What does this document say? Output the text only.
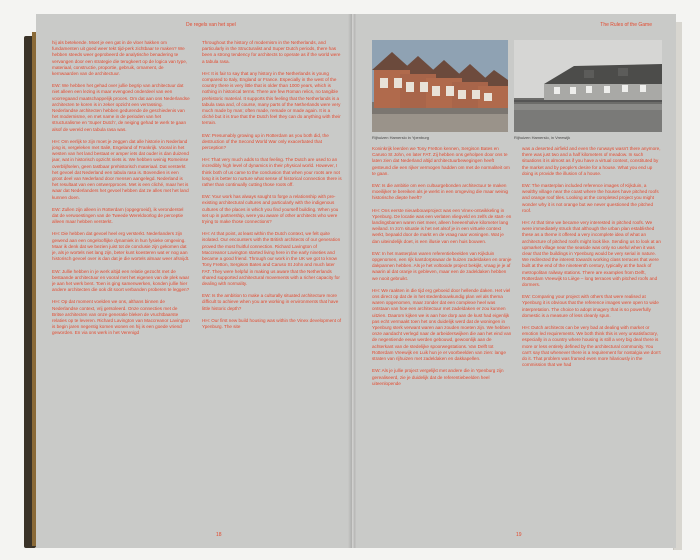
De regels van het spel
hij als betekende. Moet je een gat in de vloer hakken om fundamenten uit goed weer tekt tijd-perk zichtbaar te maken? We hebben steeds weer geprobeerd de analytische benadering te vervangen door een strategie die terugkeert op de logica van type, materiaal, constructie, proportie, gebruik, ornament, de kernwaarden van de architectuur.
EW: We hebben het gehad over jullie begrip van architectuur dat niet alleen een lezing is maar evengoed onderdeel van een voorregaand maatschappelijk proces. Om dat aan ons Nederlandse architecten te koren is in zeker opzicht een verrassing. Nederlandse architecten hebben gedurende de geschiedenis van het modernisme, en met name in de perioden van het structuralisme en 'Super Dutch', de neiging gehad te werk te gaan alsof de wereld een tabula rasa was.
HH: Om eerlijk te zijn moet je zeggen dat alle historie in Nederland jong is, vergeleken met Italië, Engeland of Frankrijk. Vooral in het westen van het land bestaat er amper iets dat ouder is dan duizend jaar, wat in historisch opzicht niets is. We hebben weinig Romeinse overblijfselen, geen tastbaar prehistorisch materiaal. Dat versterkt het gevoel dat Nederland een tabula rasa is. Bovendien is een groot deel van Nederland door mensen aangelegd. Nederland is het resultaat van een ontwerpproces. Met is een cliché, maar het is waar dat Nederlanders het gevoel hebben dat ze alles met het land kunnen doen.
EW: Zullen zijn alleen in Rotterdam (opgegroeid), ik veronderstel dat de verwoestingen van de Tweede Wereldoorlog de perceptie alleen maar hebben versterkt.
HH: Die hebben dat gevoel heel erg versterkt. Nederlanders zijn gewend aan een ongelooflijke dynamiek in hun fysieke omgeving. Maar ik denk dat we bezien juist tot de conclusie zijn gekomen dat je, als je wortels niet lang zijn, beter kunt koesteren wat er nog aan historisch gevoel over is dan dat je die wortels almaar weer afsnijdt.
EW: Jullie hebben in je werk altijd een relatie gezocht met de bestaande architectuur en vooral met het eigenen van de plek waar je aan het werk bent. Toen is ging samenwerken, konden jullie hier andere architecten die ook dit soort verbanden proberen te leggen?
HH: Op dat moment voelden we ons, althans binnen de Nederlandse context, vrij geïsoleerd. Onze connecties met de Britse architecten van onze generatie bleken de vruchtbaarste relaties op te leveren. Richard Lavington van Maccreanor Lavington is begin jaren negentig komen wonen en hij is een goede vriend geworden. En via ons werk in het Verenigd
Throughout the history of modernism in the Netherlands, and particularly in the Structuralist and Super Dutch periods, there has been a strong tendency for architects to operate as if the world were a tabula rasa.
HH: It is fair to say that any history in the Netherlands is young compared to Italy, England or France. Especially in the west of the country there is very little that is older than 1000 years, which is nothing in historical terms. There are few Roman relics, no tangible prehistoric material. It supports this feeling that the Netherlands is a tabula rasa and, of course, many parts of the Netherlands were very much made by man; often made, remade or made again. It is a cliché but it is true that the Dutch feel they can do anything with their terrain.
EW: Presumably growing up in Rotterdam as you both did, the destruction of the Second World War only exacerbated that perception?
HH: That very much adds to that feeling. The Dutch are used to an incredibly high level of dynamics in their physical world. However, I think both of us came to the conclusion that when your roots are not long it is better to nurture what sense of historical connection there is rather than continually cutting those roots off.
EW: Your work has always sought to forge a relationship with pre-existing architectural cultures and particularly with the indigenous cultures of the places in which you find yourself building. When you set up in partnership, were you aware of other architects who were trying to make those connections?
HH: At that point, at least within the Dutch context, we felt quite isolated. Our encounters with the British architects of our generation proved the most fruitful connection. Richard Lavington of Maccreanor Lavington started living here in the early nineties and became a good friend. Through our work in the UK we got to know Tony Fretton, Sergison Bates and Caruso St John and much later FAT. They were helpful in making us aware that the Netherlands shared supported architectural movements with a richer capacity for dealing with normality.
EW: Is the ambition to make a culturally situated architecture more difficult to achieve when you are working in environments that have little historic depth?
HH: Our first new build housing was within the Vinex development of Ypenburg. The site
18
The Rules of the Game
Rijhuizen Hamerslo in Ypenburg	Rijhuizen Hamerslo, in Vreewijk
Koninkrijk leerden we Tony Fretton kennen, Sergison Bates en Caruso St John, en later FAT. Zij hebben ons geholpen door ons te laten zien dat Nederland altijd architectuurbewegingen heeft gesteund die een rijker vermogen hadden om met de normaliteit om te gaan.
EW: Is die ambitie om een cultuurgebonden architectuur te maken moeilijker te bereiken als je werkt in een omgeving die maar weinig historische diepte heeft?
HH: Ons eerste nieuwbouwproject was een Vinex-ontwikkeling in Ypenburg. De locatie was een verlaten vliegveld en zelfs de start- en landingsbanen waren niet meer, alleen heeeenhalve kilometer lang weiland. In zo'n situatie is het net alsof je in een virtuele context werkt, bepaald door de markt en de vraag naar woningen. Wat je dan uiteindelijk doet, is een illusie van een huis bouwen.
EW: In het masterplan waren referentiebeelden van Kijkduin opgenomen, een rijk kantdorpswaar de huizen zadeldaken en oranje dakpannen hebben. Als je het voltooide project bekijkt, vraag je je af waarin al dat oranje is gebleven, maar een de zadeldaken hebben we nooit gebruikt.
HH: We raakten in die tijd erg geboeid door hellende daken. Het viel ons direct op dat de in het stedenbouwkundig plan vel als thema waren opgenomen, maar zonder dat een complexe heel was ontstaan van hoe een architectuur met zadeldaken er zou kunnen uitzien. Daarom kijken we is aan hoe dorp aan de kust had eigenlijk pas echt vermaakt toen het ons duidelijk werd dat de woningen in Ypenburg sterk verwant waren aan zouden moeten zijn. We hebben onze aandacht verlegd naar de arbeiderswijken die aan het eind van de negentiende eeuw werden gebouwd, gewoonlijk aan de achterkant van de stedelijke spoorwegstations. Van Delft tot Rotterdam Vreewijk en Luik hun je er voorbeelden van zien: lange straten van rijhuizen met zadeldaken en dakkapellen.
EW: Als je jullie project vergelijkt met andere die in Ypenburg zijn gerealiseerd, zie je duidelijk dat de referentiebeelden heel uiteenlopende
was a deserted airfield and even the runways wasn't there anymore, there was just two and a half kilometers of meadow. In such situations it is almost as if you have a virtual context, constituted by the market and by people's desire for a house. What you end up doing is provide the illusion of a house.
EW: The masterplan included reference images of Kijkduin, a wealthy village near the coast where the houses have pitched roofs and orange roof tiles. Looking at the completed project you might wonder why it is not orange but we never questioned the pitched roof.
HH: At that time we became very interested in pitched roofs. We were immediately struck that although the urban plan established these as a theme it offered a very incomplete idea of what an architecture of pitched roofs might look like. Sending us to look at an upmarket village near the seaside was only so useful when it was clear that the buildings in Ypenburg would be very serial in nature. We redirected the interest towards working class terraces that were built at the end of the nineteenth century, typically at the back of metropolitan railway stations. There are examples from Delft, Rotterdam Vreewijk to Liège – long terraces with pitched roofs and dormers.
EW: Comparing your project with others that were realised at Ypenburg it is obvious that the reference images were open to wide interpretation. The choice to adopt imagery that is so powerfully domestic is a measure of less cleanly spun.
HH: Dutch architects can be very bad at dealing with market or emotion led requirements. We both think this is very unsatisfactory, especially in a country where housing is still a very big deal there is more or less entirely defined by the architectural community. You can't say that whenever there is a requirement for nostalgia we don't do it. That problem was framed even more hilariously in the commission that we had
19
